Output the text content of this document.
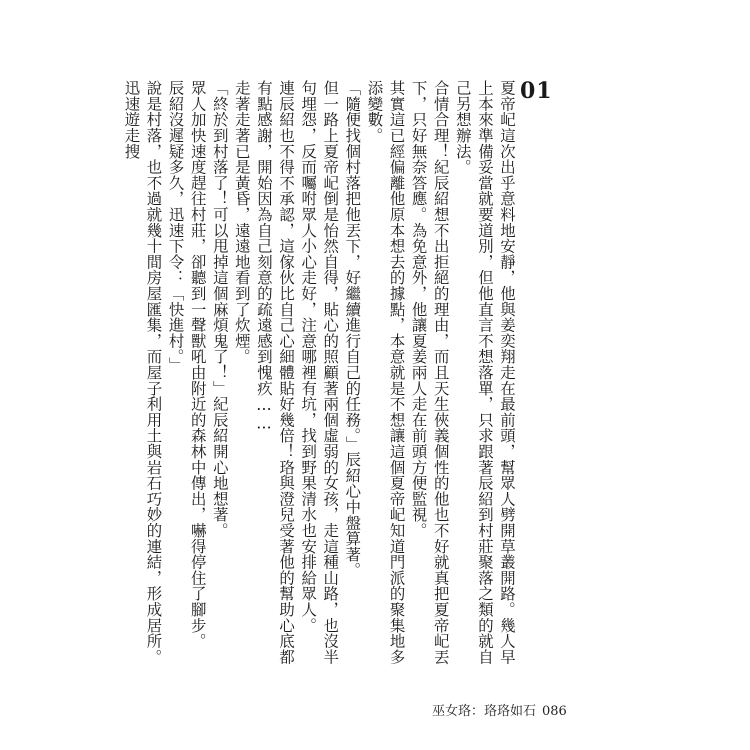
01

夏帝屺這次出乎意料地安靜，他與姜奕翔走在最前頭，幫眾人劈開草叢開路。幾人早上本來準備妥當就要道別，但他直言不想落單，只求跟著辰紹到村莊聚落之類的就自己另想辦法。

合情合理！紀辰紹想不出拒絕的理由，而且天生俠義個性的他也不好就真把夏帝屺丟下，只好無奈答應。為免意外，他讓夏姜兩人走在前頭方便監視。

其實這已經偏離他原本想去的據點，本意就是不想讓這個夏帝屺知道門派的聚集地多添變數。

「隨便找個村落把他丟下，好繼續進行自己的任務。」辰紹心中盤算著。

但一路上夏帝屺倒是怡然自得，貼心的照顧著兩個虛弱的女孩，走這種山路，也沒半句埋怨，反而囑咐眾人小心走好，注意哪裡有坑，找到野果清水也安排給眾人。

連辰紹也不得不承認，這傢伙比自己心細體貼好幾倍！珞與澄兒受著他的幫助心底都有點感謝，開始因為自己刻意的疏遠感到愧疚……

走著走著已是黃昏，遠遠地看到了炊煙。

「終於到村落了！可以甩掉這個麻煩鬼了！」紀辰紹開心地想著。

眾人加快速度趕往村莊，卻聽到一聲獸吼由附近的森林中傳出，嚇得停住了腳步。

辰紹沒遲疑多久，迅速下令：「快進村。」

說是村落，也不過就幾十間房屋匯集，而屋子利用土與岩石巧妙的連結，形成居所。迅速遊走搜

巫女珞：珞珞如石 086
